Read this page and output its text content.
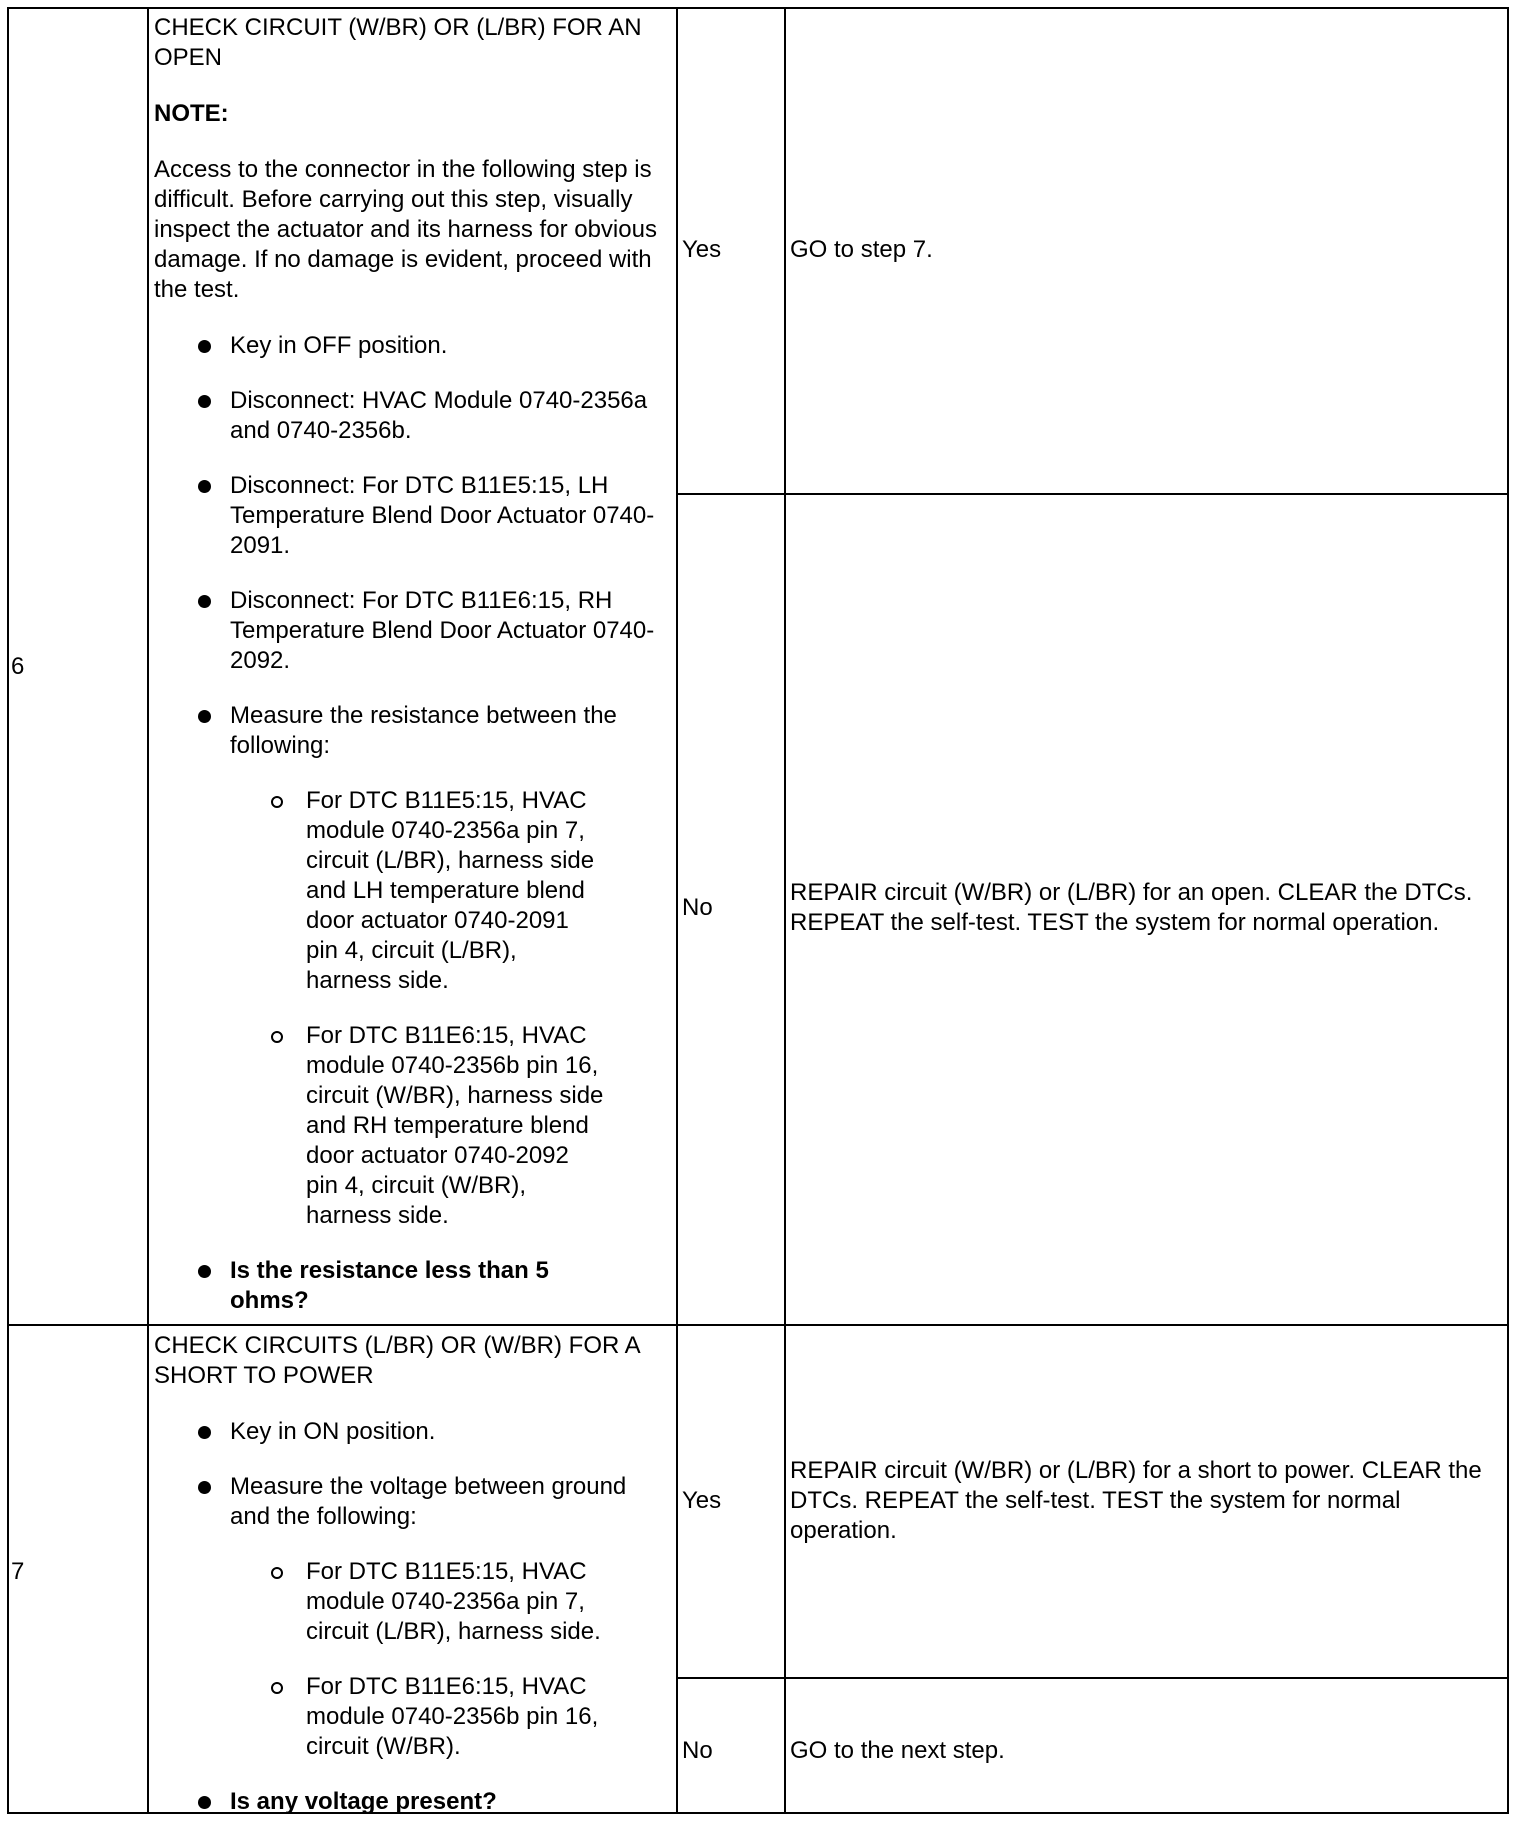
6
CHECK CIRCUIT (W/BR) OR (L/BR) FOR AN OPEN
NOTE:
Access to the connector in the following step is difficult. Before carrying out this step, visually inspect the actuator and its harness for obvious damage. If no damage is evident, proceed with the test.
Key in OFF position.
Disconnect: HVAC Module 0740-2356a and 0740-2356b.
Disconnect: For DTC B11E5:15, LH Temperature Blend Door Actuator 0740-2091.
Disconnect: For DTC B11E6:15, RH Temperature Blend Door Actuator 0740-2092.
Measure the resistance between the following:
For DTC B11E5:15, HVAC module 0740-2356a pin 7, circuit (L/BR), harness side and LH temperature blend door actuator 0740-2091 pin 4, circuit (L/BR), harness side.
For DTC B11E6:15, HVAC module 0740-2356b pin 16, circuit (W/BR), harness side and RH temperature blend door actuator 0740-2092 pin 4, circuit (W/BR), harness side.
Is the resistance less than 5 ohms?
Yes	GO to step 7.
No
REPAIR circuit (W/BR) or (L/BR) for an open. CLEAR the DTCs. REPEAT the self-test. TEST the system for normal operation.
7
CHECK CIRCUITS (L/BR) OR (W/BR) FOR A SHORT TO POWER
Key in ON position.
Measure the voltage between ground and the following:
For DTC B11E5:15, HVAC module 0740-2356a pin 7, circuit (L/BR), harness side.
For DTC B11E6:15, HVAC module 0740-2356b pin 16, circuit (W/BR).
Is any voltage present?
Yes
REPAIR circuit (W/BR) or (L/BR) for a short to power. CLEAR the DTCs. REPEAT the self-test. TEST the system for normal operation.
No	GO to the next step.
